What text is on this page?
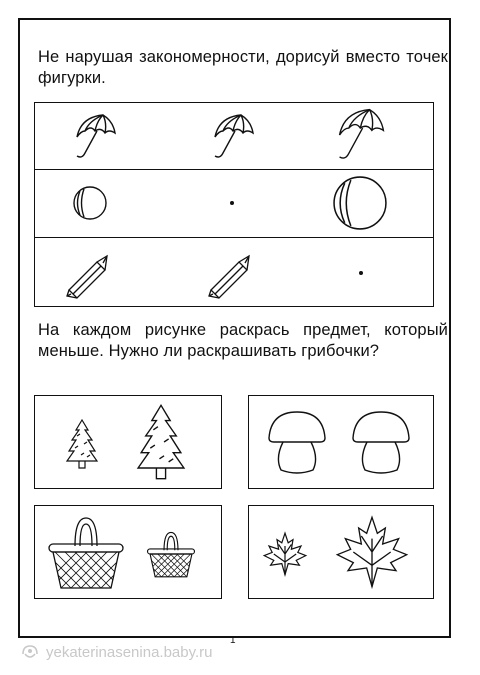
Не нарушая закономерности, дорисуй вместо точек фигурки.

На каждом рисунке раскрась предмет, который меньше. Нужно ли раскрашивать грибочки?

1
yekaterinasenina.baby.ru
